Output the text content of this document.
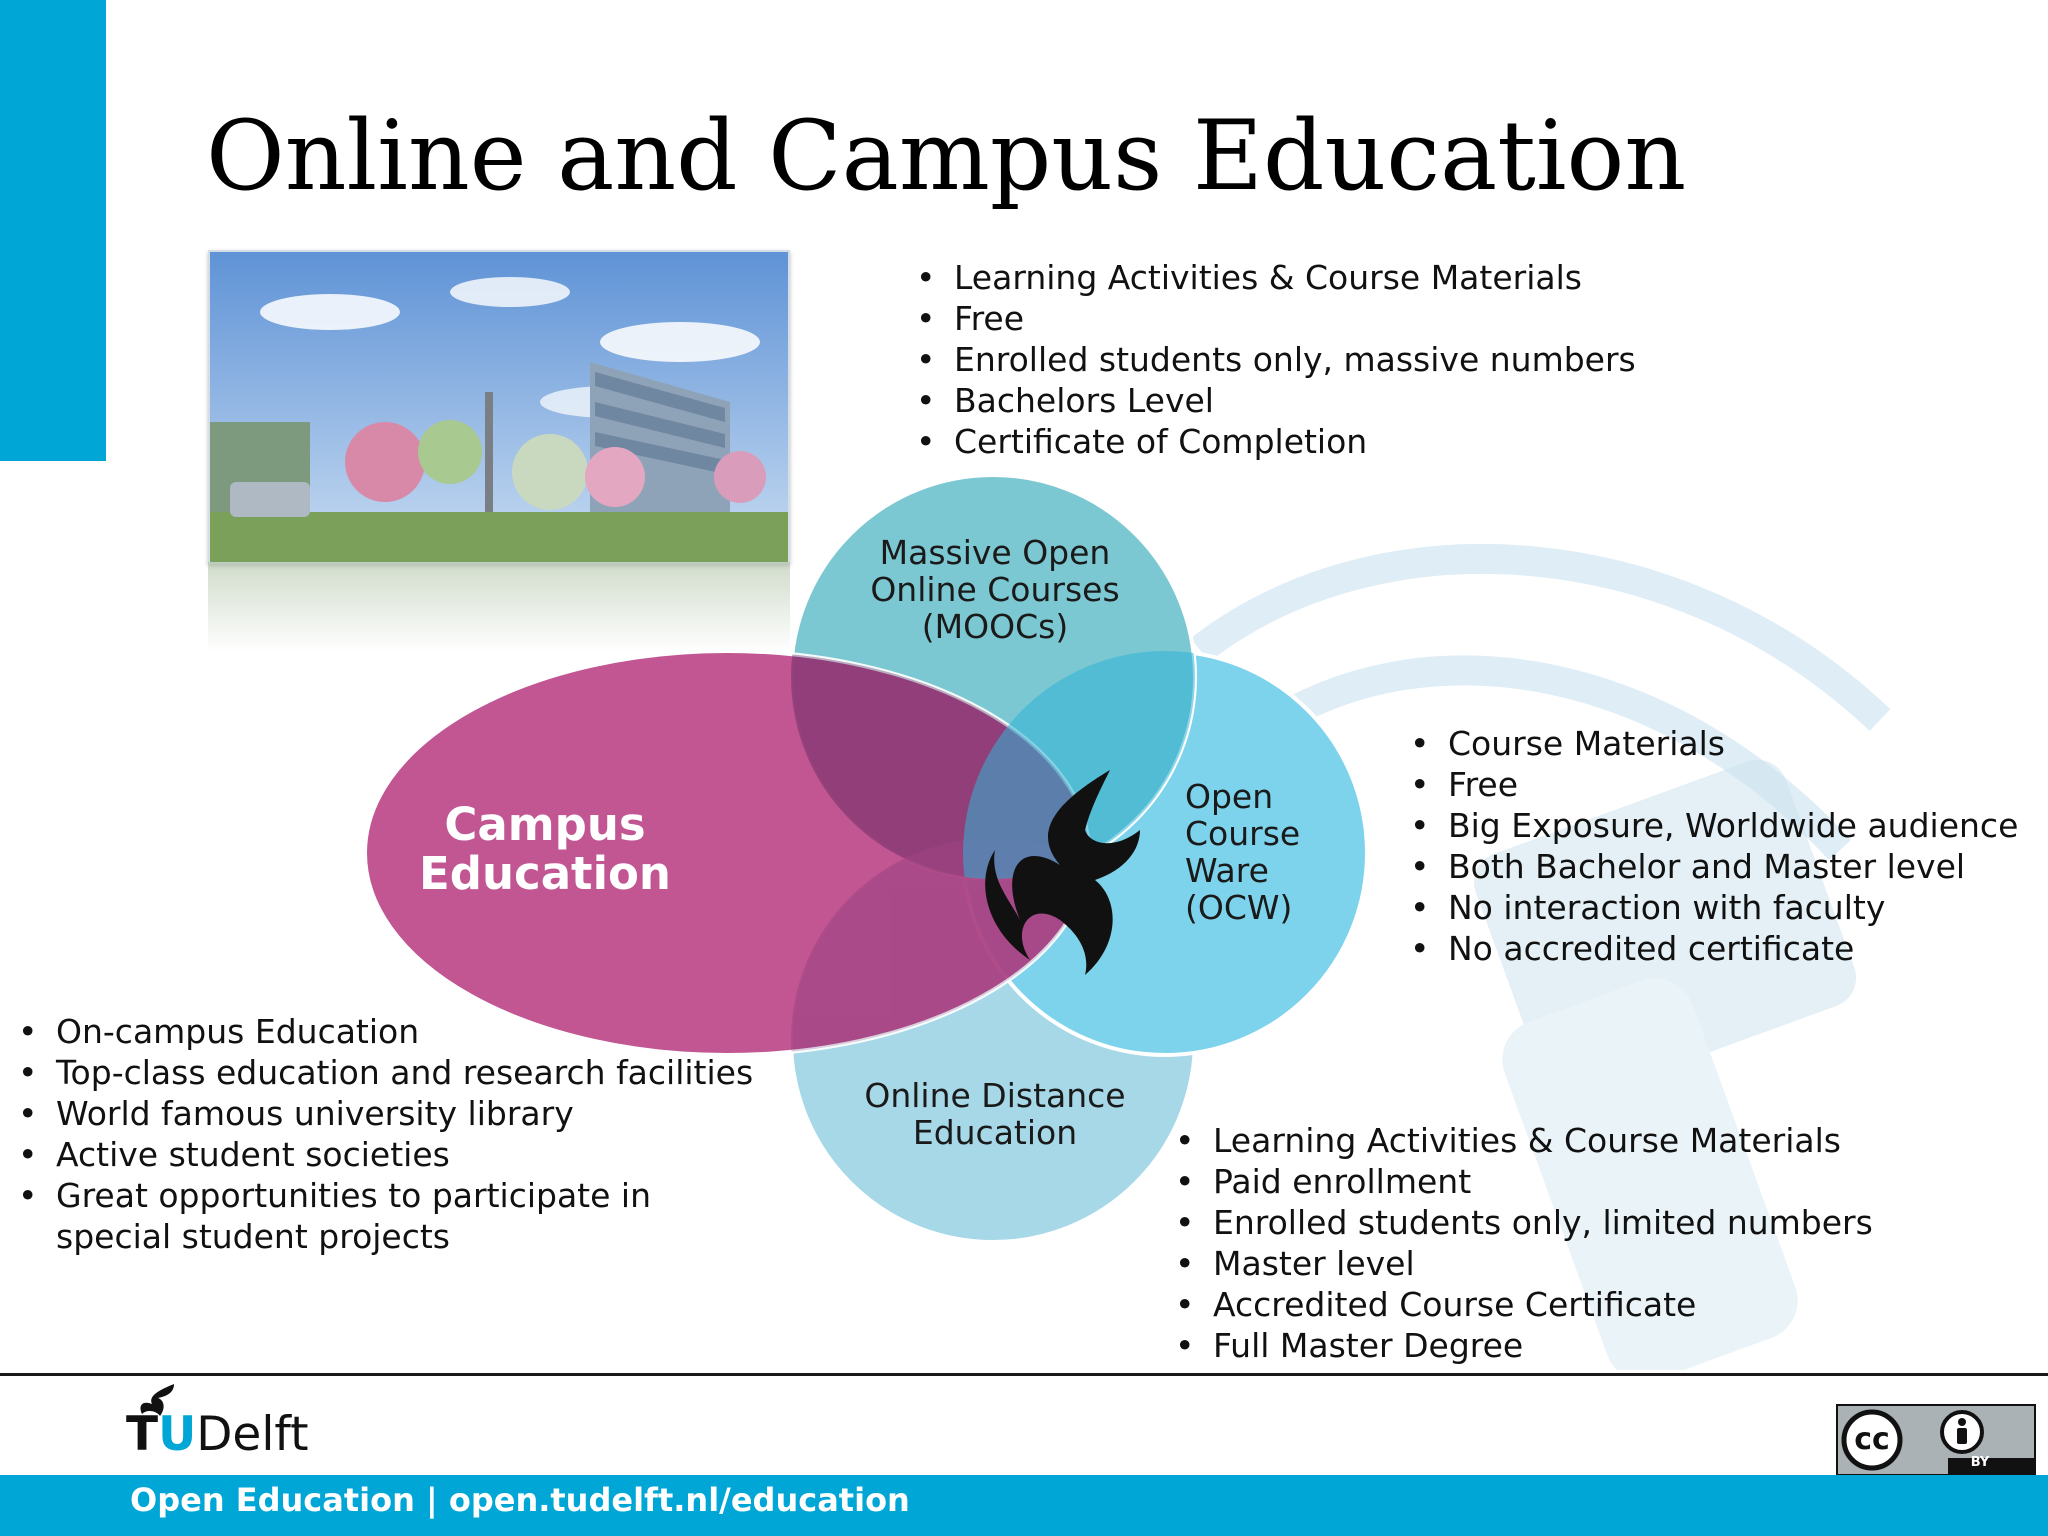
Online and Campus Education
Campus Education
Massive Open Online Courses (MOOCs)
Open Course Ware (OCW)
Online Distance Education
• Learning Activities & Course Materials
• Free
• Enrolled students only, massive numbers
• Bachelors Level
• Certificate of Completion
• Course Materials
• Free
• Big Exposure, Worldwide audience
• Both Bachelor and Master level
• No interaction with faculty
• No accredited certificate
• On-campus Education
• Top-class education and research facilities
• World famous university library
• Active student societies
• Great opportunities to participate in special student projects
• Learning Activities & Course Materials
• Paid enrollment
• Enrolled students only, limited numbers
• Master level
• Accredited Course Certificate
• Full Master Degree
TUDelft	cc
BY
Open Education | open.tudelft.nl/education
